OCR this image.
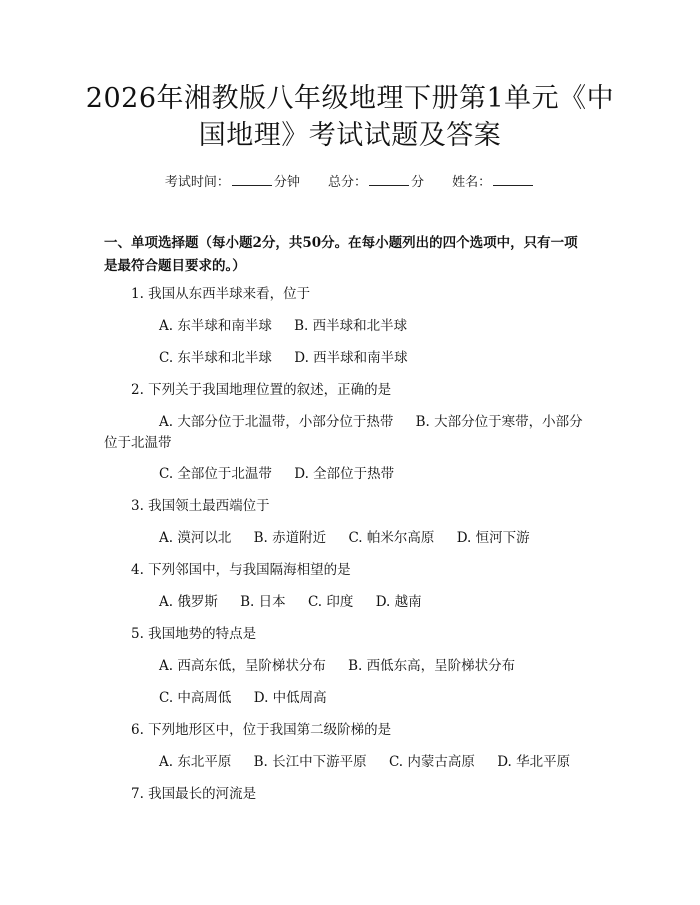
2026年湘教版八年级地理下册第1单元《中
国地理》考试试题及答案
考试时间：	分钟 总分：	分 姓名：
一、单项选择题（每小题2分，共50分。在每小题列出的四个选项中，只有一项
是最符合题目要求的。）
1. 我国从东西半球来看，位于
A. 东半球和南半球 B. 西半球和北半球
C. 东半球和北半球 D. 西半球和南半球
2. 下列关于我国地理位置的叙述，正确的是
A. 大部分位于北温带，小部分位于热带 B. 大部分位于寒带，小部分
位于北温带
C. 全部位于北温带 D. 全部位于热带
3. 我国领土最西端位于
A. 漠河以北 B. 赤道附近 C. 帕米尔高原 D. 恒河下游
4. 下列邻国中，与我国隔海相望的是
A. 俄罗斯 B. 日本 C. 印度 D. 越南
5. 我国地势的特点是
A. 西高东低，呈阶梯状分布 B. 西低东高，呈阶梯状分布
C. 中高周低 D. 中低周高
6. 下列地形区中，位于我国第二级阶梯的是
A. 东北平原 B. 长江中下游平原 C. 内蒙古高原 D. 华北平原
7. 我国最长的河流是
